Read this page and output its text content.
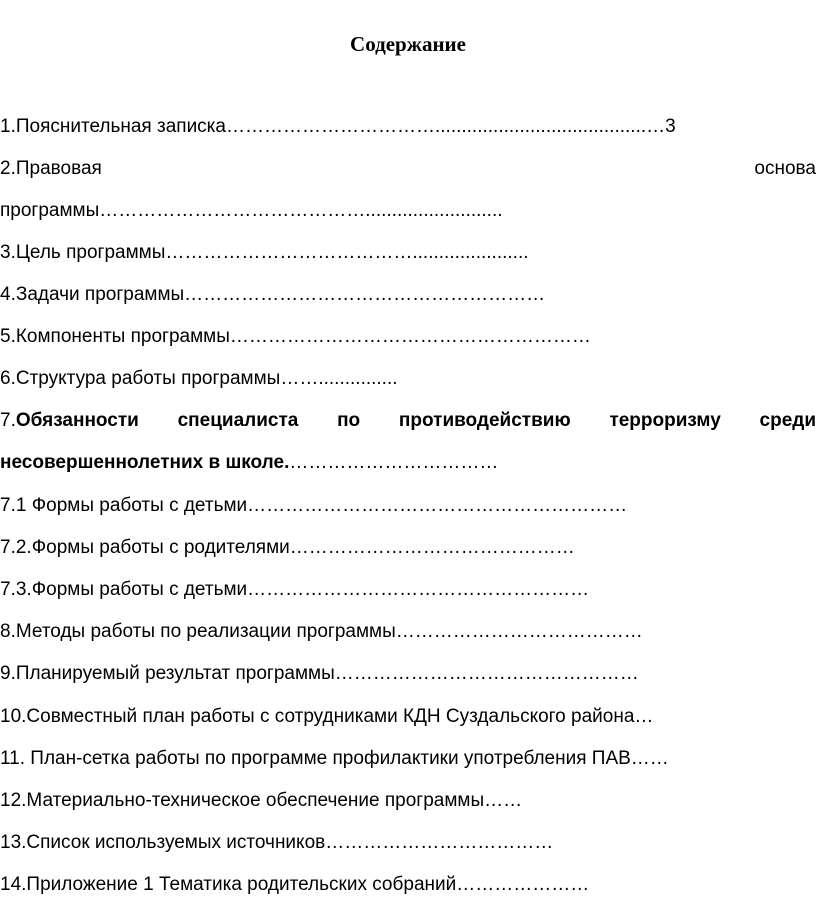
Содержание
1.Пояснительная записка……………………………........................................…3
2.Правовая	основа
программы……………………………………..........................
3.Цель программы…………………………………......................
4.Задачи программы…………………………………………………
5.Компоненты программы…………………………………………………
6.Структура работы программы……...............
7.Обязанности специалиста по противодействию терроризму среди
несовершеннолетних в школе.……………………………
7.1 Формы работы с детьми……………………………………………………
7.2.Формы работы с родителями………………………………………
7.3.Формы работы с детьми………………………………………………
8.Методы работы по реализации программы…………………………………
9.Планируемый результат программы…………………………………………
10.Совместный план работы с сотрудниками КДН Суздальского района…
11. План-сетка работы по программе профилактики употребления ПАВ……
12.Материально-техническое обеспечение программы……
13.Список используемых источников………………………………
14.Приложение 1 Тематика родительских собраний…………………
